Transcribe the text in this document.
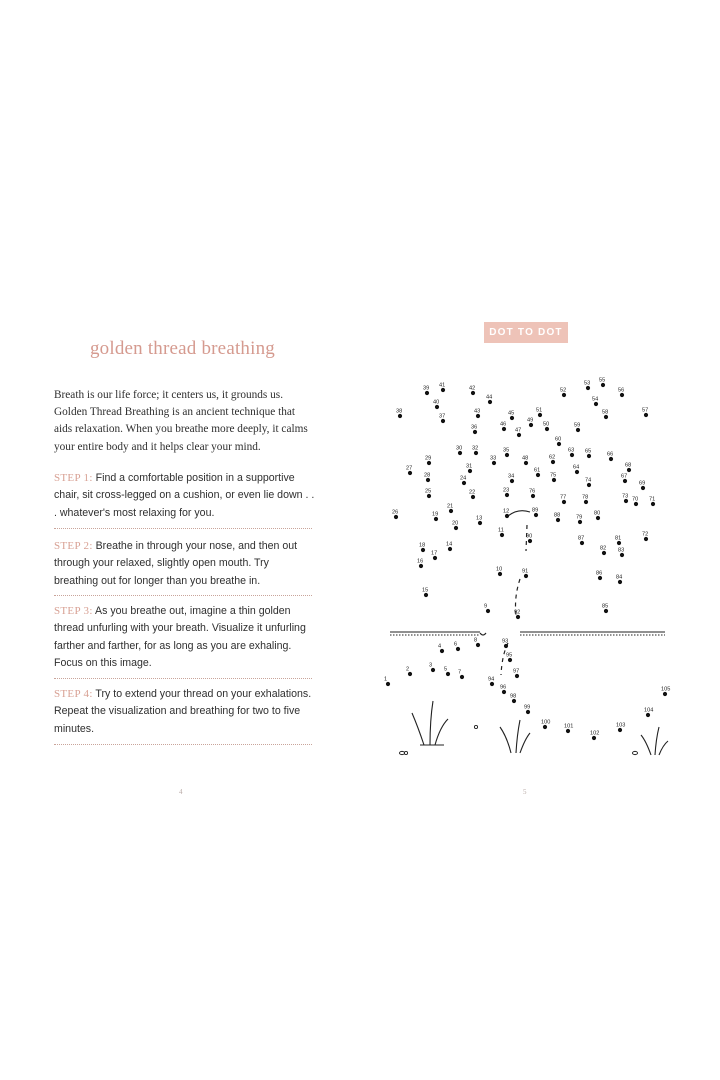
golden thread breathing
Breath is our life force; it centers us, it grounds us. Golden Thread Breathing is an ancient technique that aids relaxation. When you breathe more deeply, it calms your entire body and it helps clear your mind.
STEP 1: Find a comfortable position in a supportive chair, sit cross-legged on a cushion, or even lie down . . . whatever's most relaxing for you.
STEP 2: Breathe in through your nose, and then out through your relaxed, slightly open mouth. Try breathing out for longer than you breathe in.
STEP 3: As you breathe out, imagine a thin golden thread unfurling with your breath. Visualize it unfurling farther and farther, for as long as you are exhaling. Focus on this image.
STEP 4: Try to extend your thread on your exhalations. Repeat the visualization and breathing for two to five minutes.
4
DOT TO DOT
1
2
3
4
5
6
7
8
9
10
11
12
13
14
15
16
17
18
19
20
21
22	23
24
25
26
27
28
29
30
31
32
33
34
35
36
37
38
39
40
41	42
43
44
45
46
47
48
49
50
51
52
53
54
55
56
57
58
59
60
61
62
63
64
65	66
67
68
69
70 71
72
73
74
75
76
77	78
79
80
81
82 83
84
85
86
87
88
89
90
91
92
93
94
95
96
97
98
99
100
101
102
103
104
105
5
